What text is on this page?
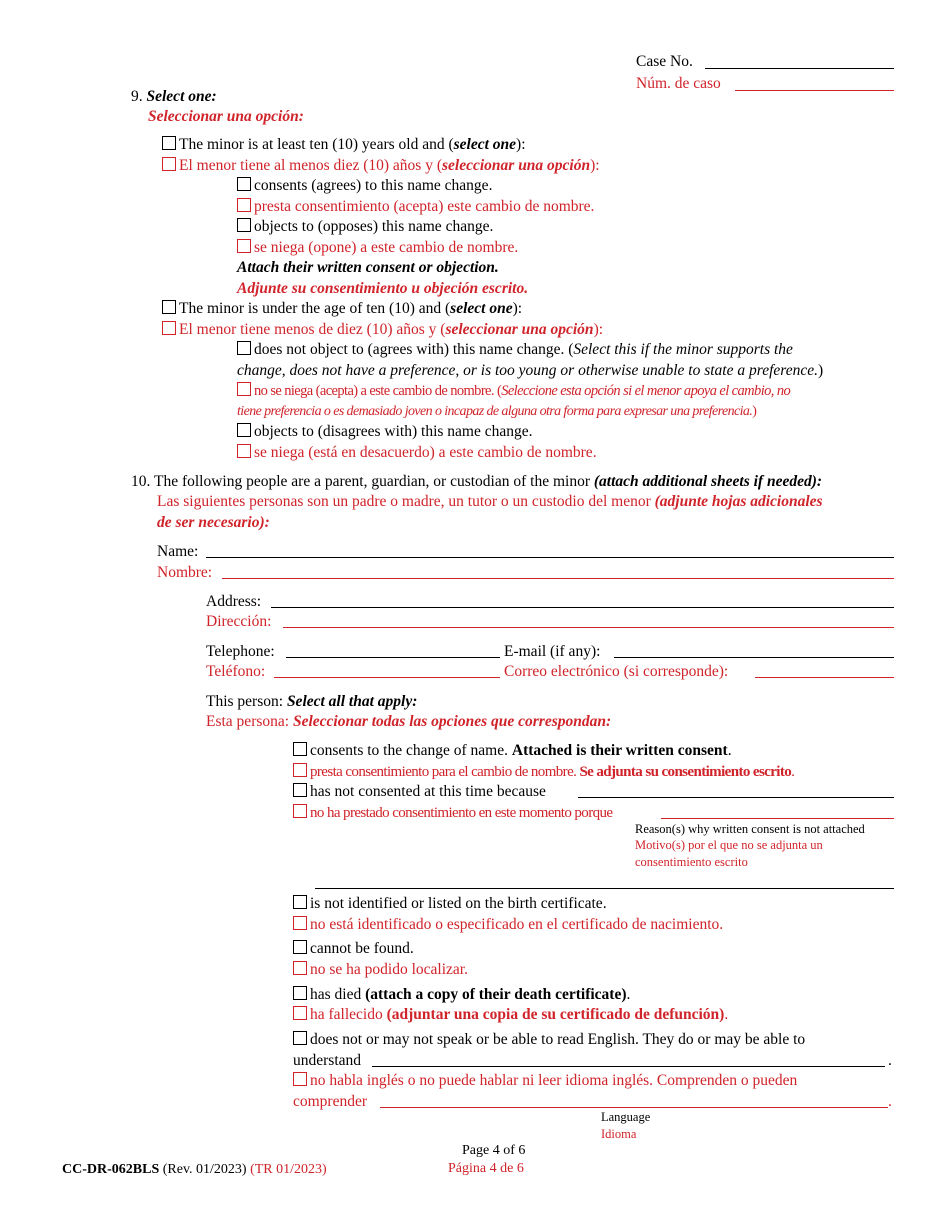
Case No.
Núm. de caso
9. Select one:
Seleccionar una opción:
The minor is at least ten (10) years old and (select one):
El menor tiene al menos diez (10) años y (seleccionar una opción):
consents (agrees) to this name change.
presta consentimiento (acepta) este cambio de nombre.
objects to (opposes) this name change.
se niega (opone) a este cambio de nombre.
Attach their written consent or objection.
Adjunte su consentimiento u objeción escrito.
The minor is under the age of ten (10) and (select one):
El menor tiene menos de diez (10) años y (seleccionar una opción):
does not object to (agrees with) this name change. (Select this if the minor supports the
change, does not have a preference, or is too young or otherwise unable to state a preference.)
no se niega (acepta) a este cambio de nombre. (Seleccione esta opción si el menor apoya el cambio, no
tiene preferencia o es demasiado joven o incapaz de alguna otra forma para expresar una preferencia.)
objects to (disagrees with) this name change.
se niega (está en desacuerdo) a este cambio de nombre.
10. The following people are a parent, guardian, or custodian of the minor (attach additional sheets if needed):
Las siguientes personas son un padre o madre, un tutor o un custodio del menor (adjunte hojas adicionales
de ser necesario):
Name:
Nombre:
Address:
Dirección:
Telephone:	E-mail (if any):
Teléfono:	Correo electrónico (si corresponde):
This person: Select all that apply:
Esta persona: Seleccionar todas las opciones que correspondan:
consents to the change of name. Attached is their written consent.
presta consentimiento para el cambio de nombre. Se adjunta su consentimiento escrito.
has not consented at this time because
no ha prestado consentimiento en este momento porque
Reason(s) why written consent is not attached
Motivo(s) por el que no se adjunta un
consentimiento escrito
is not identified or listed on the birth certificate.
no está identificado o especificado en el certificado de nacimiento.
cannot be found.
no se ha podido localizar.
has died (attach a copy of their death certificate).
ha fallecido (adjuntar una copia de su certificado de defunción).
does not or may not speak or be able to read English. They do or may be able to
understand	.
no habla inglés o no puede hablar ni leer idioma inglés. Comprenden o pueden
comprender	.
Language
Idioma
Page 4 of 6
Página 4 de 6
CC-DR-062BLS (Rev. 01/2023) (TR 01/2023)
